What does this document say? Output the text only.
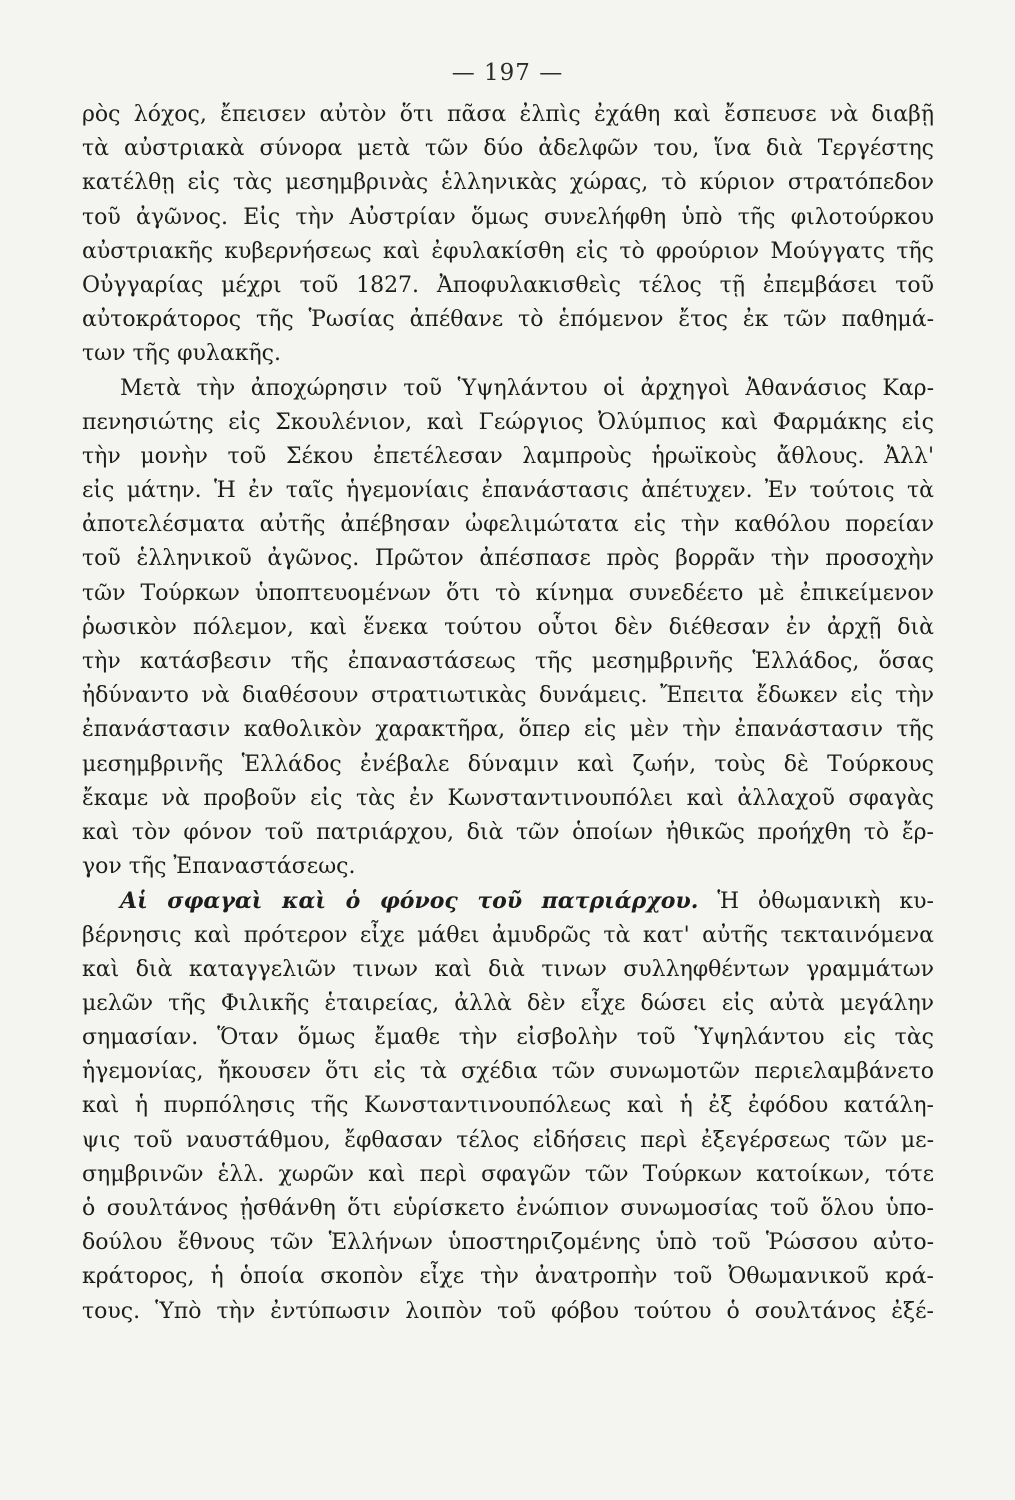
— 197 —
ρὸς λόχος, ἔπεισεν αὐτὸν ὅτι πᾶσα ἐλπὶς ἐχάθη καὶ ἔσπευσε νὰ διαβῇ
τὰ αὐστριακὰ σύνορα μετὰ τῶν δύο ἀδελφῶν του, ἵνα διὰ Τεργέστης
κατέλθῃ εἰς τὰς μεσημβρινὰς ἑλληνικὰς χώρας, τὸ κύριον στρατόπεδον
τοῦ ἀγῶνος. Εἰς τὴν Αὐστρίαν ὅμως συνελήφθη ὑπὸ τῆς φιλοτούρκου
αὐστριακῆς κυβερνήσεως καὶ ἐφυλακίσθη εἰς τὸ φρούριον Μούγγατς τῆς
Οὐγγαρίας μέχρι τοῦ 1827. Ἀποφυλακισθεὶς τέλος τῇ ἐπεμβάσει τοῦ
αὐτοκράτορος τῆς Ῥωσίας ἀπέθανε τὸ ἑπόμενον ἔτος ἐκ τῶν παθημά-
των τῆς φυλακῆς.
Μετὰ τὴν ἀποχώρησιν τοῦ Ὑψηλάντου οἱ ἀρχηγοὶ Ἀθανάσιος Καρ-
πενησιώτης εἰς Σκουλένιον, καὶ Γεώργιος Ὀλύμπιος καὶ Φαρμάκης εἰς
τὴν μονὴν τοῦ Σέκου ἐπετέλεσαν λαμπροὺς ἡρωϊκοὺς ἄθλους. Ἀλλ'
εἰς μάτην. Ἡ ἐν ταῖς ἡγεμονίαις ἐπανάστασις ἀπέτυχεν. Ἐν τούτοις τὰ
ἀποτελέσματα αὐτῆς ἀπέβησαν ὠφελιμώτατα εἰς τὴν καθόλου πορείαν
τοῦ ἑλληνικοῦ ἀγῶνος. Πρῶτον ἀπέσπασε πρὸς βορρᾶν τὴν προσοχὴν
τῶν Τούρκων ὑποπτευομένων ὅτι τὸ κίνημα συνεδέετο μὲ ἐπικείμενον
ῥωσικὸν πόλεμον, καὶ ἕνεκα τούτου οὗτοι δὲν διέθεσαν ἐν ἀρχῇ διὰ
τὴν κατάσβεσιν τῆς ἐπαναστάσεως τῆς μεσημβρινῆς Ἑλλάδος, ὅσας
ἠδύναντο νὰ διαθέσουν στρατιωτικὰς δυνάμεις. Ἔπειτα ἔδωκεν εἰς τὴν
ἐπανάστασιν καθολικὸν χαρακτῆρα, ὅπερ εἰς μὲν τὴν ἐπανάστασιν τῆς
μεσημβρινῆς Ἑλλάδος ἐνέβαλε δύναμιν καὶ ζωήν, τοὺς δὲ Τούρκους
ἔκαμε νὰ προβοῦν εἰς τὰς ἐν Κωνσταντινουπόλει καὶ ἀλλαχοῦ σφαγὰς
καὶ τὸν φόνον τοῦ πατριάρχου, διὰ τῶν ὁποίων ἠθικῶς προήχθη τὸ ἔρ-
γον τῆς Ἐπαναστάσεως.
Αἱ σφαγαὶ καὶ ὁ φόνος τοῦ πατριάρχου. Ἡ ὀθωμανικὴ κυ-
βέρνησις καὶ πρότερον εἶχε μάθει ἀμυδρῶς τὰ κατ' αὐτῆς τεκταινόμενα
καὶ διὰ καταγγελιῶν τινων καὶ διὰ τινων συλληφθέντων γραμμάτων
μελῶν τῆς Φιλικῆς ἑταιρείας, ἀλλὰ δὲν εἶχε δώσει εἰς αὐτὰ μεγάλην
σημασίαν. Ὅταν ὅμως ἔμαθε τὴν εἰσβολὴν τοῦ Ὑψηλάντου εἰς τὰς
ἡγεμονίας, ἤκουσεν ὅτι εἰς τὰ σχέδια τῶν συνωμοτῶν περιελαμβάνετο
καὶ ἡ πυρπόλησις τῆς Κωνσταντινουπόλεως καὶ ἡ ἐξ ἐφόδου κατάλη-
ψις τοῦ ναυστάθμου, ἔφθασαν τέλος εἰδήσεις περὶ ἐξεγέρσεως τῶν με-
σημβρινῶν ἑλλ. χωρῶν καὶ περὶ σφαγῶν τῶν Τούρκων κατοίκων, τότε
ὁ σουλτάνος ᾐσθάνθη ὅτι εὑρίσκετο ἐνώπιον συνωμοσίας τοῦ ὅλου ὑπο-
δούλου ἔθνους τῶν Ἑλλήνων ὑποστηριζομένης ὑπὸ τοῦ Ῥώσσου αὐτο-
κράτορος, ἡ ὁποία σκοπὸν εἶχε τὴν ἀνατροπὴν τοῦ Ὀθωμανικοῦ κρά-
τους. Ὑπὸ τὴν ἐντύπωσιν λοιπὸν τοῦ φόβου τούτου ὁ σουλτάνος ἐξέ-
